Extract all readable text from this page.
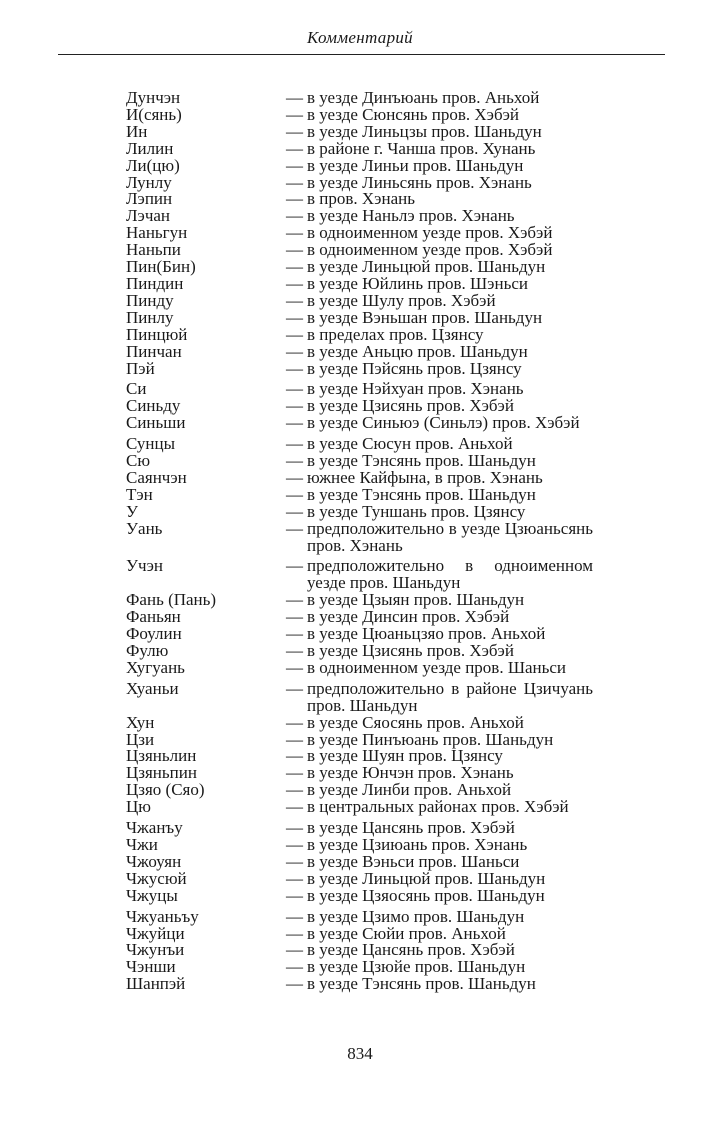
Комментарий
Дунчэн	— в уезде Динъюань пров. Аньхой
И(сянь)	— в уезде Сюнсянь пров. Хэбэй
Ин	— в уезде Линьцзы пров. Шаньдун
Лилин	— в районе г. Чанша пров. Хунань
Ли(цю)	— в уезде Линьи пров. Шаньдун
Лунлу	— в уезде Линьсянь пров. Хэнань
Лэпин	— в пров. Хэнань
Лэчан	— в уезде Наньлэ пров. Хэнань
Наньгун	— в одноименном уезде пров. Хэбэй
Наньпи	— в одноименном уезде пров. Хэбэй
Пин(Бин)	— в уезде Линьцюй пров. Шаньдун
Пиндин	— в уезде Юйлинь пров. Шэньси
Пинду	— в уезде Шулу пров. Хэбэй
Пинлу	— в уезде Вэньшан пров. Шаньдун
Пинцюй	— в пределах пров. Цзянсу
Пинчан	— в уезде Аньцю пров. Шаньдун
Пэй	— в уезде Пэйсянь пров. Цзянсу
Си	— в уезде Нэйхуан пров. Хэнань
Синьду	— в уезде Цзисянь пров. Хэбэй
Синьши	— в уезде Синьюэ (Синьлэ) пров. Хэбэй
Сунцы	— в уезде Сюсун пров. Аньхой
Сю	— в уезде Тэнсянь пров. Шаньдун
Саянчэн	— южнее Кайфына, в пров. Хэнань
Тэн	— в уезде Тэнсянь пров. Шаньдун
У	— в уезде Туншань пров. Цзянсу
Уань	— предположительно в уезде Цзюаньсянь пров. Хэнань
Учэн	— предположительно в одноименном уезде пров. Шаньдун
Фань (Пань)	— в уезде Цзыян пров. Шаньдун
Фаньян	— в уезде Динсин пров. Хэбэй
Фоулин	— в уезде Цюаньцзяо пров. Аньхой
Фулю	— в уезде Цзисянь пров. Хэбэй
Хугуань	— в одноименном уезде пров. Шаньси
Хуаньи	— предположительно в районе Цзичуань пров. Шаньдун
Хун	— в уезде Сяосянь пров. Аньхой
Цзи	— в уезде Пинъюань пров. Шаньдун
Цзяньлин	— в уезде Шуян пров. Цзянсу
Цзяньпин	— в уезде Юнчэн пров. Хэнань
Цзяо (Сяо)	— в уезде Линби пров. Аньхой
Цю	— в центральных районах пров. Хэбэй
Чжанъу	— в уезде Цансянь пров. Хэбэй
Чжи	— в уезде Цзиюань пров. Хэнань
Чжоуян	— в уезде Вэньси пров. Шаньси
Чжусюй	— в уезде Линьцюй пров. Шаньдун
Чжуцы	— в уезде Цзяосянь пров. Шаньдун
Чжуаньъу	— в уезде Цзимо пров. Шаньдун
Чжуйци	— в уезде Сюйи пров. Аньхой
Чжунъи	— в уезде Цансянь пров. Хэбэй
Чэнши	— в уезде Цзюйе пров. Шаньдун
Шанпэй	— в уезде Тэнсянь пров. Шаньдун
834
